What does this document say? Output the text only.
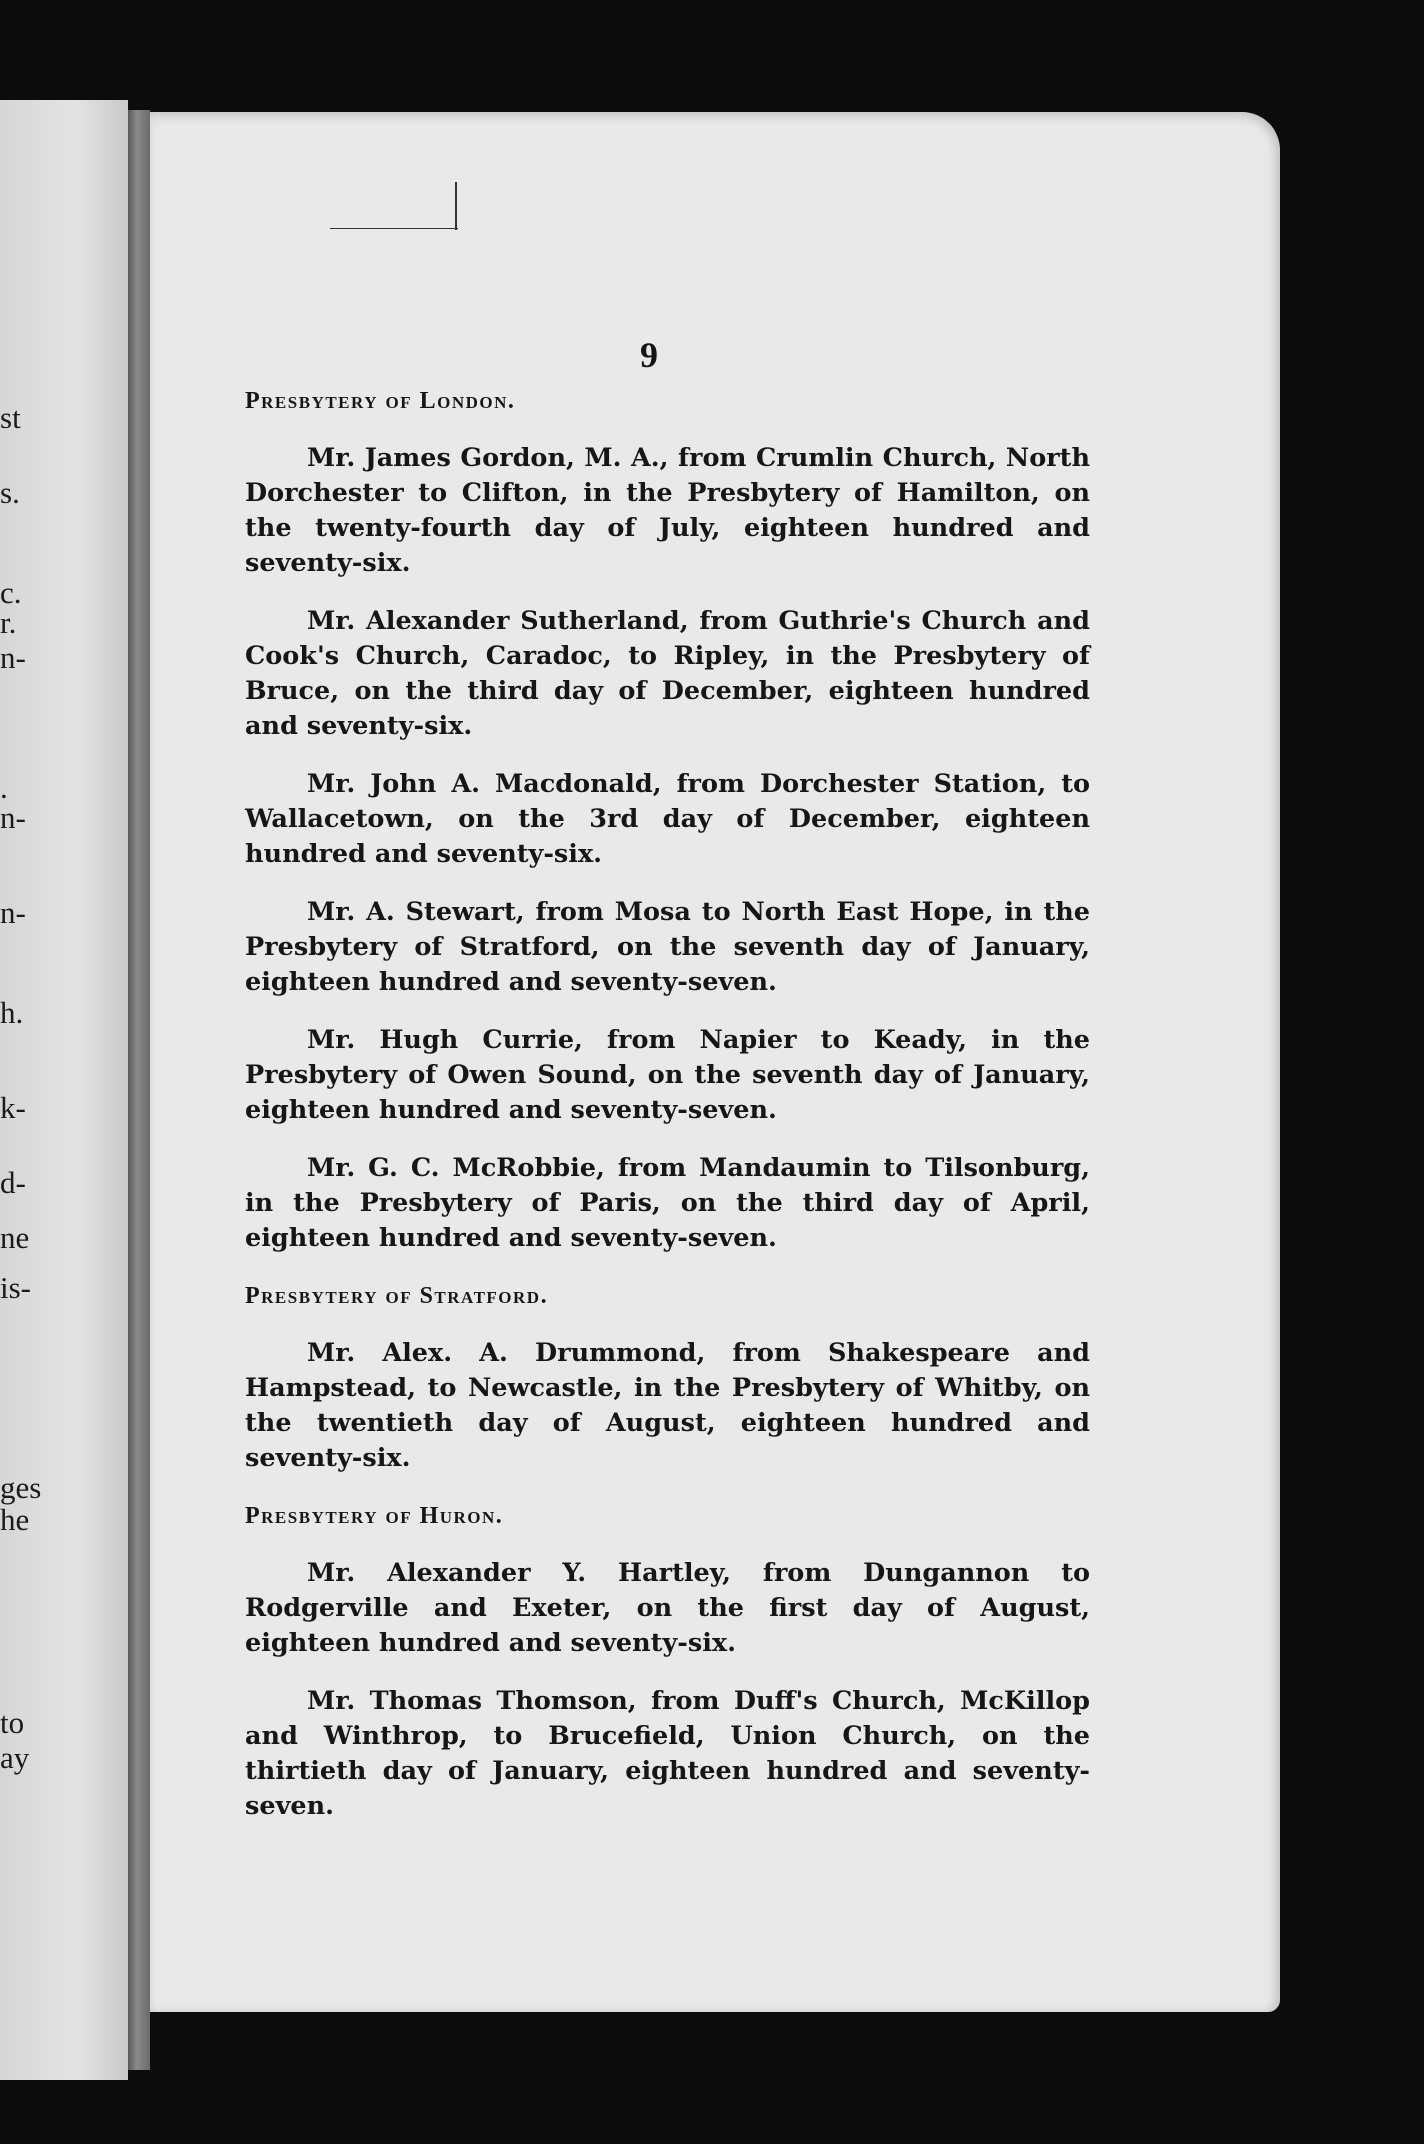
st
s.
c.
r.
n-
.
n-
n-
h.
k-
d-
ne
is-
ges
he
to
ay
9
Presbytery of London.

Mr. James Gordon, M. A., from Crumlin Church, North Dorchester to Clifton, in the Presbytery of Hamilton, on the twenty-fourth day of July, eighteen hundred and seventy-six.

Mr. Alexander Sutherland, from Guthrie's Church and Cook's Church, Caradoc, to Ripley, in the Presbytery of Bruce, on the third day of December, eighteen hundred and seventy-six.

Mr. John A. Macdonald, from Dorchester Station, to Wallacetown, on the 3rd day of December, eighteen hundred and seventy-six.

Mr. A. Stewart, from Mosa to North East Hope, in the Presbytery of Stratford, on the seventh day of January, eighteen hundred and seventy-seven.

Mr. Hugh Currie, from Napier to Keady, in the Presbytery of Owen Sound, on the seventh day of January, eighteen hundred and seventy-seven.

Mr. G. C. McRobbie, from Mandaumin to Tilsonburg, in the Presbytery of Paris, on the third day of April, eighteen hundred and seventy-seven.

Presbytery of Stratford.

Mr. Alex. A. Drummond, from Shakespeare and Hampstead, to Newcastle, in the Presbytery of Whitby, on the twentieth day of August, eighteen hundred and seventy-six.

Presbytery of Huron.

Mr. Alexander Y. Hartley, from Dungannon to Rodgerville and Exeter, on the first day of August, eighteen hundred and seventy-six.

Mr. Thomas Thomson, from Duff's Church, McKillop and Winthrop, to Brucefield, Union Church, on the thirtieth day of January, eighteen hundred and seventy-seven.
